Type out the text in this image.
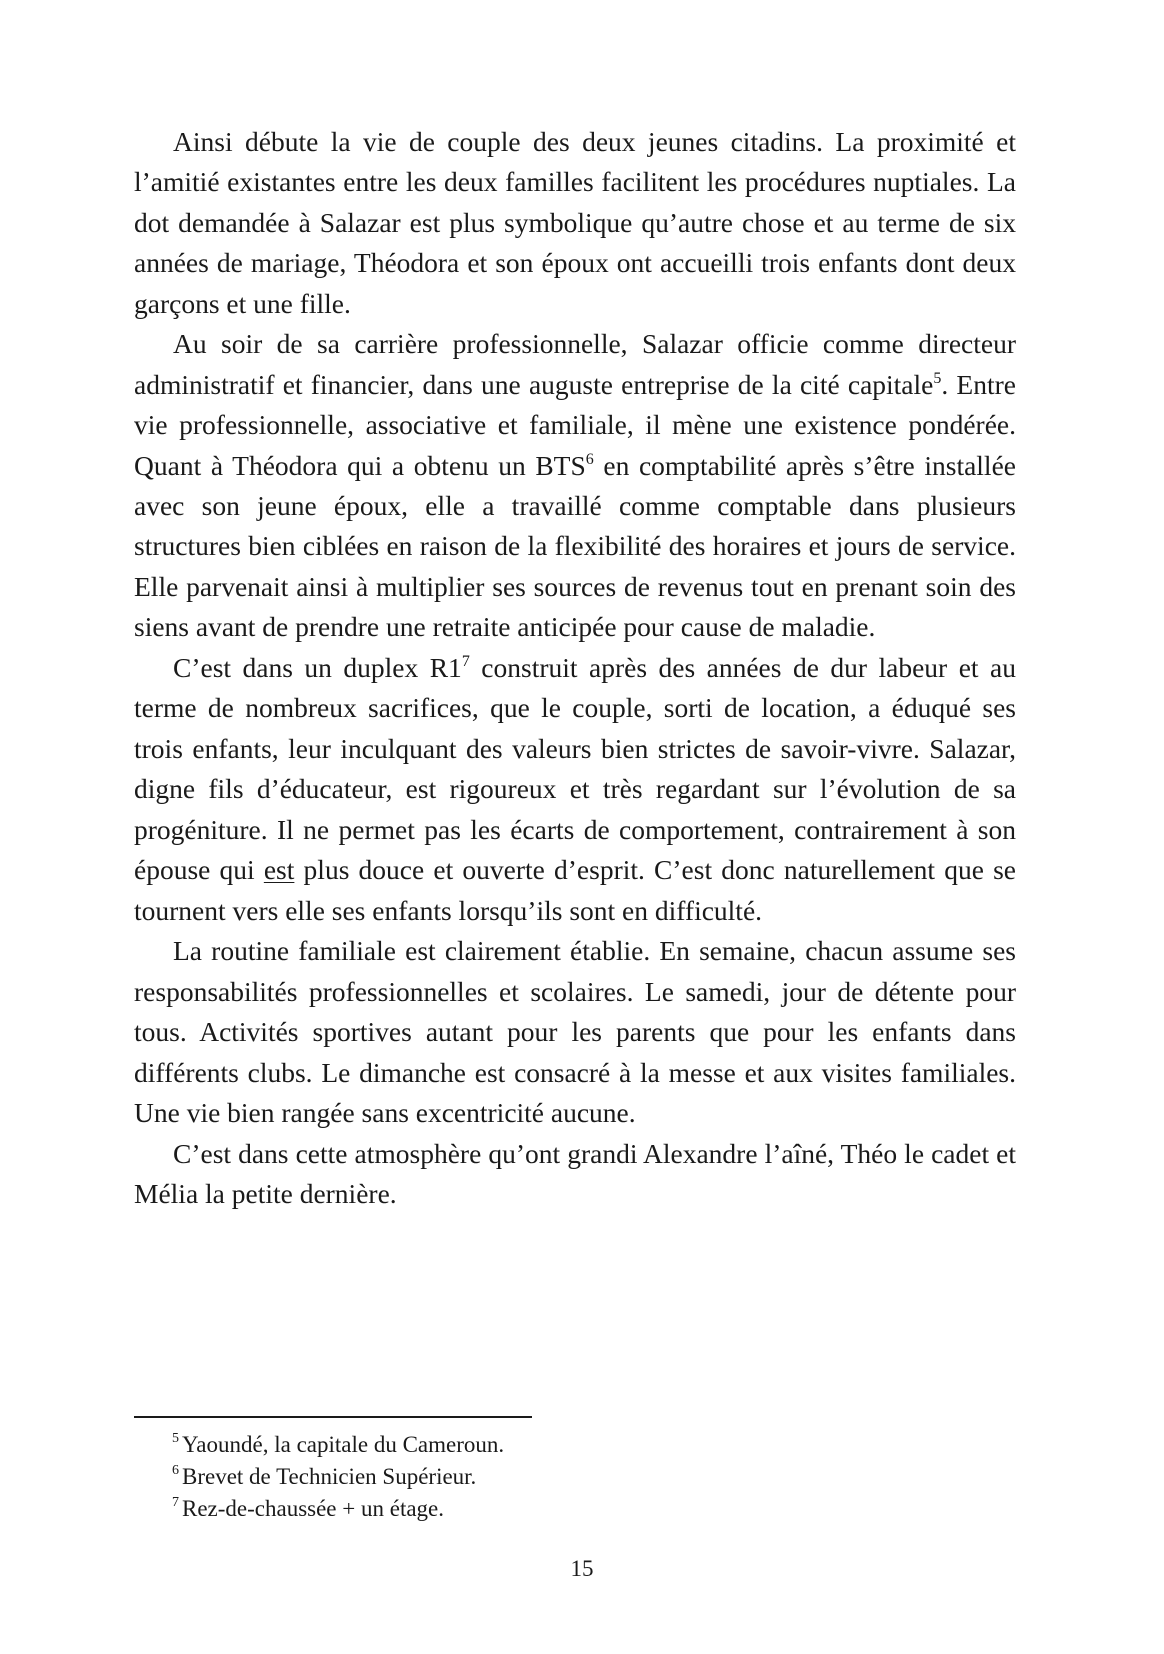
Ainsi débute la vie de couple des deux jeunes citadins. La proximité et l’amitié existantes entre les deux familles facilitent les procédures nuptiales. La dot demandée à Salazar est plus symbolique qu’autre chose et au terme de six années de mariage, Théodora et son époux ont accueilli trois enfants dont deux garçons et une fille.

Au soir de sa carrière professionnelle, Salazar officie comme directeur administratif et financier, dans une auguste entreprise de la cité capitale$^5$. Entre vie professionnelle, associative et familiale, il mène une existence pondérée. Quant à Théodora qui a obtenu un BTS$^6$ en comptabilité après s’être installée avec son jeune époux, elle a travaillé comme comptable dans plusieurs structures bien ciblées en raison de la flexibilité des horaires et jours de service. Elle parvenait ainsi à multiplier ses sources de revenus tout en prenant soin des siens avant de prendre une retraite anticipée pour cause de maladie.

C’est dans un duplex $R1^7$ construit après des années de dur labeur et au terme de nombreux sacrifices, que le couple, sorti de location, a éduqué ses trois enfants, leur inculquant des valeurs bien strictes de savoir-vivre. Salazar, digne fils d’éducateur, est rigoureux et très regardant sur l’évolution de sa progéniture. Il ne permet pas les écarts de comportement, contrairement à son épouse qui est plus douce et ouverte d’esprit. C’est donc naturellement que se tournent vers elle ses enfants lorsqu’ils sont en difficulté.

La routine familiale est clairement établie. En semaine, chacun assume ses responsabilités professionnelles et scolaires. Le samedi, jour de détente pour tous. Activités sportives autant pour les parents que pour les enfants dans différents clubs. Le dimanche est consacré à la messe et aux visites familiales. Une vie bien rangée sans excentricité aucune.

C’est dans cette atmosphère qu’ont grandi Alexandre l’aîné, Théo le cadet et Mélia la petite dernière.

$^5$ Yaoundé, la capitale du Cameroun.
$^6$ Brevet de Technicien Supérieur.
$^7$ Rez-de-chaussée + un étage.
15
